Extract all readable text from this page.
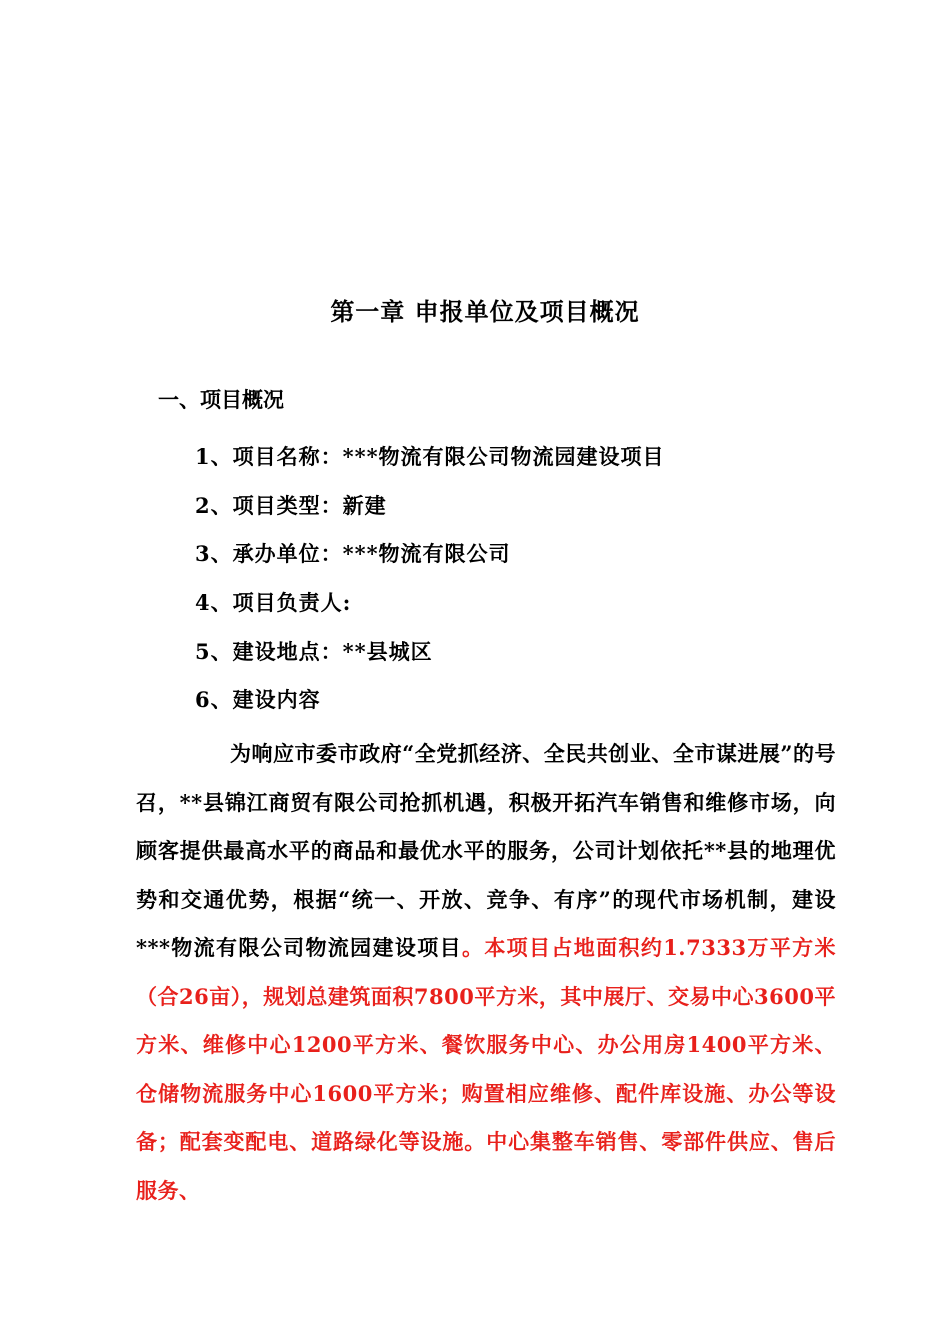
第一章 申报单位及项目概况
一、项目概况
1、项目名称：***物流有限公司物流园建设项目
2、项目类型：新建
3、承办单位：***物流有限公司
4、项目负责人:
5、建设地点：**县城区
6、建设内容
为响应市委市政府“全党抓经济、全民共创业、全市谋进展”的号召，**县锦江商贸有限公司抢抓机遇，积极开拓汽车销售和维修市场，向顾客提供最高水平的商品和最优水平的服务，公司计划依托**县的地理优势和交通优势，根据“统一、开放、竞争、有序”的现代市场机制，建设***物流有限公司物流园建设项目。本项目占地面积约1.7333万平方米（合26亩），规划总建筑面积7800平方米，其中展厅、交易中心3600平方米、维修中心1200平方米、餐饮服务中心、办公用房1400平方米、仓储物流服务中心1600平方米；购置相应维修、配件库设施、办公等设备；配套变配电、道路绿化等设施。中心集整车销售、零部件供应、售后服务、
